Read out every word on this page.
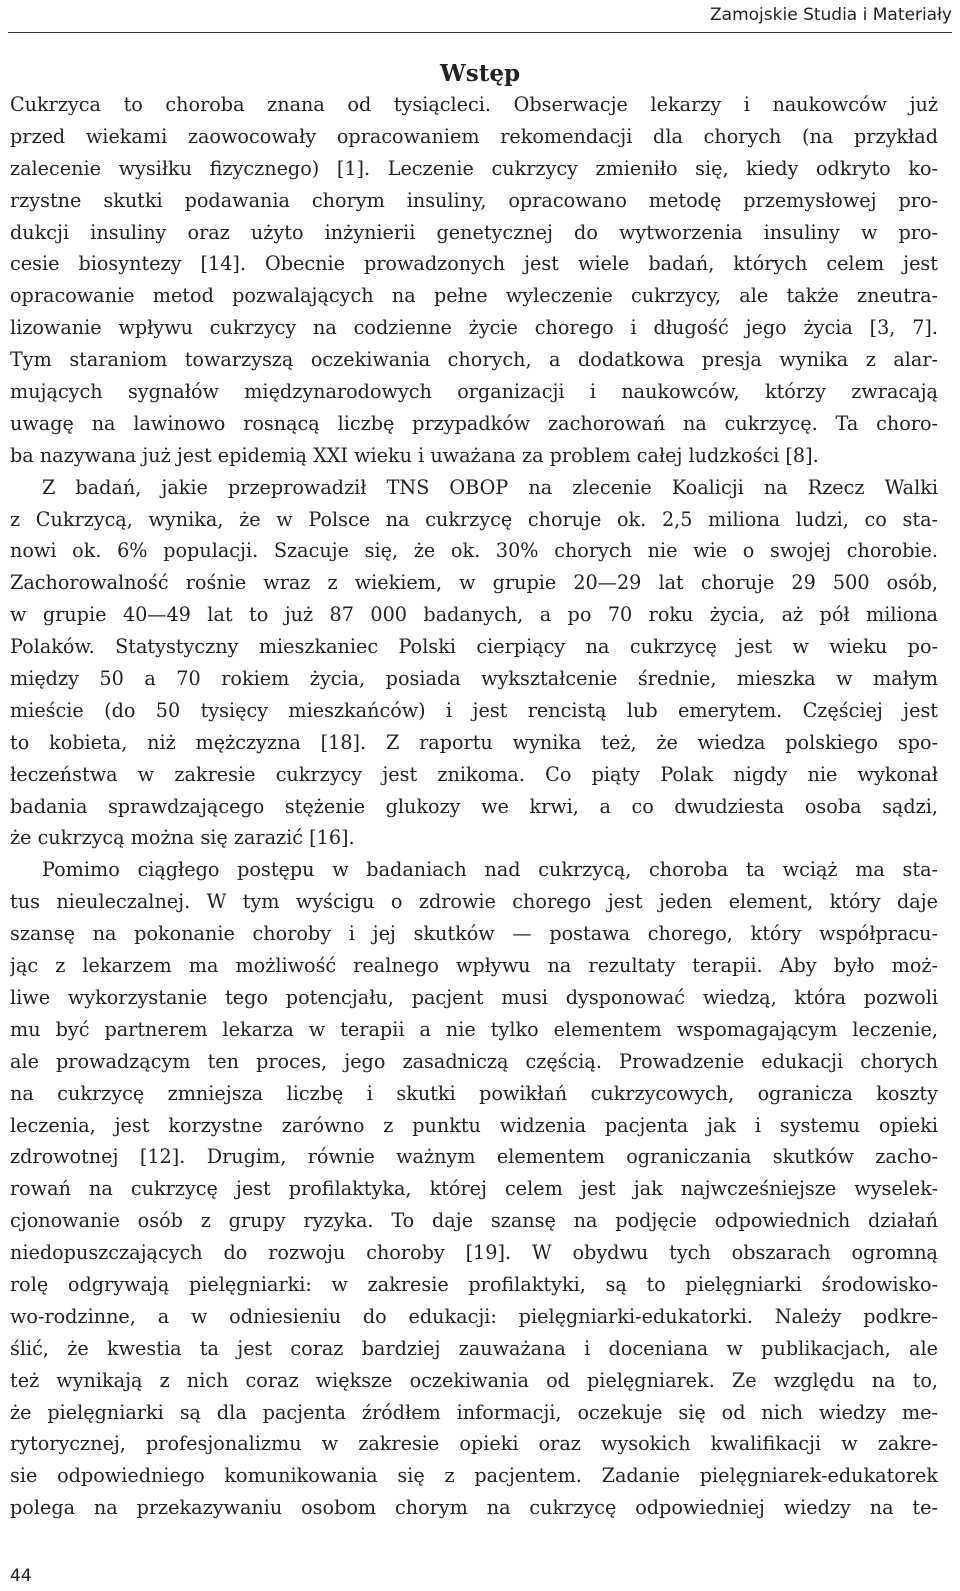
Zamojskie Studia i Materiały
Wstęp
Cukrzyca to choroba znana od tysiącleci. Obserwacje lekarzy i naukowców już
przed wiekami zaowocowały opracowaniem rekomendacji dla chorych (na przykład
zalecenie wysiłku fizycznego) [1]. Leczenie cukrzycy zmieniło się, kiedy odkryto ko-
rzystne skutki podawania chorym insuliny, opracowano metodę przemysłowej pro-
dukcji insuliny oraz użyto inżynierii genetycznej do wytworzenia insuliny w pro-
cesie biosyntezy [14]. Obecnie prowadzonych jest wiele badań, których celem jest
opracowanie metod pozwalających na pełne wyleczenie cukrzycy, ale także zneutra-
lizowanie wpływu cukrzycy na codzienne życie chorego i długość jego życia [3, 7].
Tym staraniom towarzyszą oczekiwania chorych, a dodatkowa presja wynika z alar-
mujących sygnałów międzynarodowych organizacji i naukowców, którzy zwracają
uwagę na lawinowo rosnącą liczbę przypadków zachorowań na cukrzycę. Ta choro-
ba nazywana już jest epidemią XXI wieku i uważana za problem całej ludzkości [8].
Z badań, jakie przeprowadził TNS OBOP na zlecenie Koalicji na Rzecz Walki
z Cukrzycą, wynika, że w Polsce na cukrzycę choruje ok. 2,5 miliona ludzi, co sta-
nowi ok. 6% populacji. Szacuje się, że ok. 30% chorych nie wie o swojej chorobie.
Zachorowalność rośnie wraz z wiekiem, w grupie 20—29 lat choruje 29 500 osób,
w grupie 40—49 lat to już 87 000 badanych, a po 70 roku życia, aż pół miliona
Polaków. Statystyczny mieszkaniec Polski cierpiący na cukrzycę jest w wieku po-
między 50 a 70 rokiem życia, posiada wykształcenie średnie, mieszka w małym
mieście (do 50 tysięcy mieszkańców) i jest rencistą lub emerytem. Częściej jest
to kobieta, niż mężczyzna [18]. Z raportu wynika też, że wiedza polskiego spo-
łeczeństwa w zakresie cukrzycy jest znikoma. Co piąty Polak nigdy nie wykonał
badania sprawdzającego stężenie glukozy we krwi, a co dwudziesta osoba sądzi,
że cukrzycą można się zarazić [16].
Pomimo ciągłego postępu w badaniach nad cukrzycą, choroba ta wciąż ma sta-
tus nieuleczalnej. W tym wyścigu o zdrowie chorego jest jeden element, który daje
szansę na pokonanie choroby i jej skutków — postawa chorego, który współpracu-
jąc z lekarzem ma możliwość realnego wpływu na rezultaty terapii. Aby było moż-
liwe wykorzystanie tego potencjału, pacjent musi dysponować wiedzą, która pozwoli
mu być partnerem lekarza w terapii a nie tylko elementem wspomagającym leczenie,
ale prowadzącym ten proces, jego zasadniczą częścią. Prowadzenie edukacji chorych
na cukrzycę zmniejsza liczbę i skutki powikłań cukrzycowych, ogranicza koszty
leczenia, jest korzystne zarówno z punktu widzenia pacjenta jak i systemu opieki
zdrowotnej [12]. Drugim, równie ważnym elementem ograniczania skutków zacho-
rowań na cukrzycę jest profilaktyka, której celem jest jak najwcześniejsze wyselek-
cjonowanie osób z grupy ryzyka. To daje szansę na podjęcie odpowiednich działań
niedopuszczających do rozwoju choroby [19]. W obydwu tych obszarach ogromną
rolę odgrywają pielęgniarki: w zakresie profilaktyki, są to pielęgniarki środowisko-
wo-rodzinne, a w odniesieniu do edukacji: pielęgniarki-edukatorki. Należy podkre-
ślić, że kwestia ta jest coraz bardziej zauważana i doceniana w publikacjach, ale
też wynikają z nich coraz większe oczekiwania od pielęgniarek. Ze względu na to,
że pielęgniarki są dla pacjenta źródłem informacji, oczekuje się od nich wiedzy me-
rytorycznej, profesjonalizmu w zakresie opieki oraz wysokich kwalifikacji w zakre-
sie odpowiedniego komunikowania się z pacjentem. Zadanie pielęgniarek-edukatorek
polega na przekazywaniu osobom chorym na cukrzycę odpowiedniej wiedzy na te-
44
